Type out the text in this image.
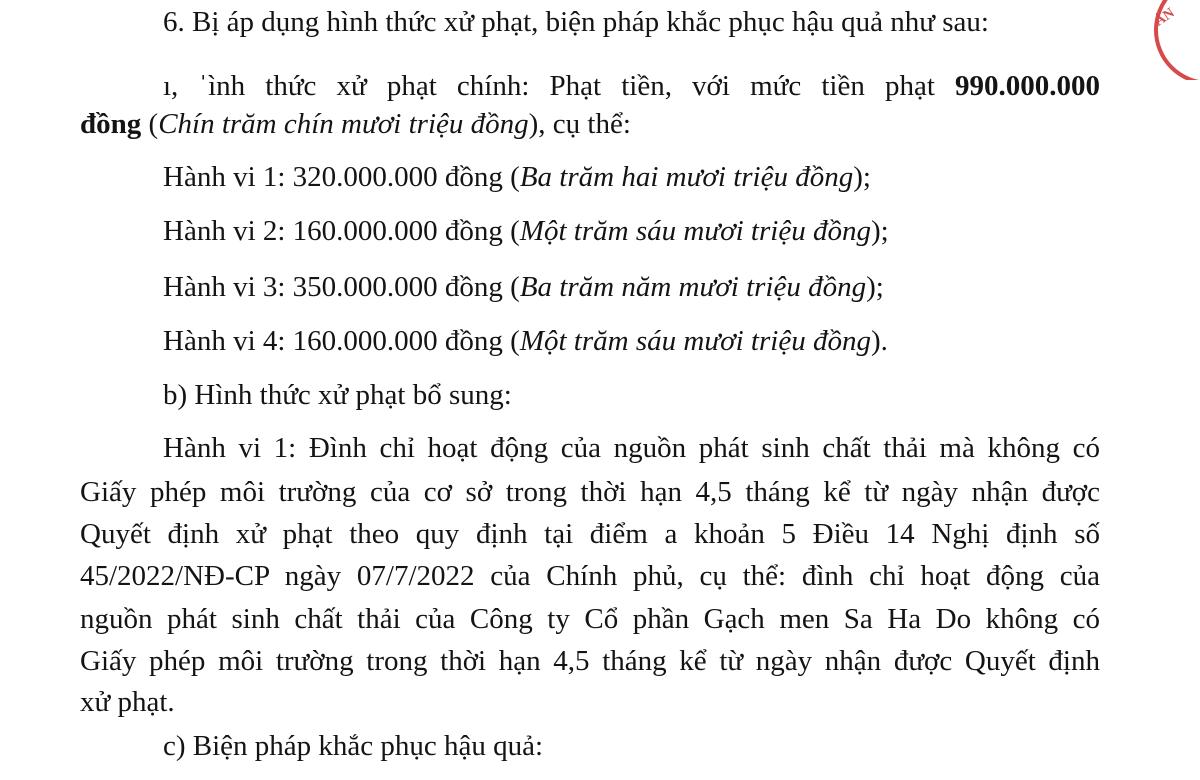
6. Bị áp dụng hình thức xử phạt, biện pháp khắc phục hậu quả như sau:
ı, ˈình thức xử phạt chính: Phạt tiền, với mức tiền phạt 990.000.000
đồng (Chín trăm chín mươi triệu đồng), cụ thể:
Hành vi 1: 320.000.000 đồng (Ba trăm hai mươi triệu đồng);
Hành vi 2: 160.000.000 đồng (Một trăm sáu mươi triệu đồng);
Hành vi 3: 350.000.000 đồng (Ba trăm năm mươi triệu đồng);
Hành vi 4: 160.000.000 đồng (Một trăm sáu mươi triệu đồng).
b) Hình thức xử phạt bổ sung:
Hành vi 1: Đình chỉ hoạt động của nguồn phát sinh chất thải mà không có
Giấy phép môi trường của cơ sở trong thời hạn 4,5 tháng kể từ ngày nhận được
Quyết định xử phạt theo quy định tại điểm a khoản 5 Điều 14 Nghị định số
45/2022/NĐ-CP ngày 07/7/2022 của Chính phủ, cụ thể: đình chỉ hoạt động của
nguồn phát sinh chất thải của Công ty Cổ phần Gạch men Sa Ha Do không có
Giấy phép môi trường trong thời hạn 4,5 tháng kể từ ngày nhận được Quyết định
xử phạt.
c) Biện pháp khắc phục hậu quả:
ÁN
